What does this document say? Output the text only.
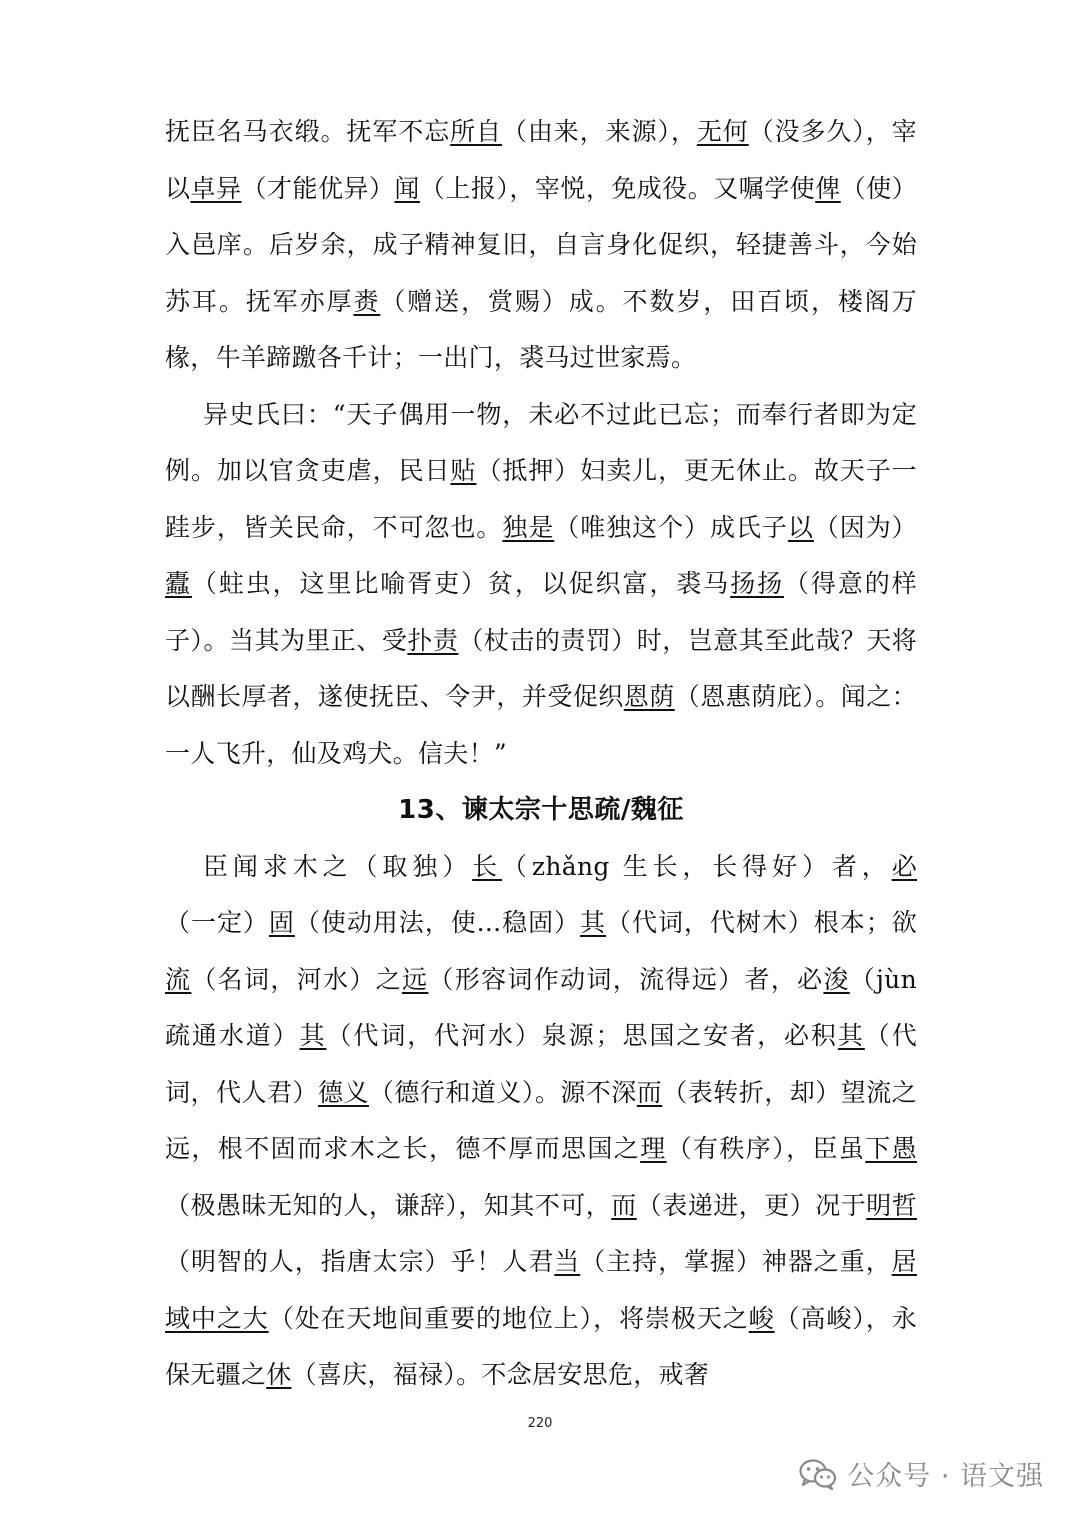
抚臣名马衣缎。抚军不忘所自（由来，来源），无何（没多久），宰以卓异（才能优异）闻（上报），宰悦，免成役。又嘱学使俾（使）入邑庠。后岁余，成子精神复旧，自言身化促织，轻捷善斗，今始苏耳。抚军亦厚赉（赠送，赏赐）成。不数岁，田百顷，楼阁万椽，牛羊蹄躈各千计；一出门，裘马过世家焉。

异史氏曰：“天子偶用一物，未必不过此已忘；而奉行者即为定例。加以官贪吏虐，民日贴（抵押）妇卖儿，更无休止。故天子一跬步，皆关民命，不可忽也。独是（唯独这个）成氏子以（因为）蠹（蛀虫，这里比喻胥吏）贫，以促织富，裘马扬扬（得意的样子）。当其为里正、受扑责（杖击的责罚）时，岂意其至此哉？天将以酬长厚者，遂使抚臣、令尹，并受促织恩荫（恩惠荫庇）。闻之：一人飞升，仙及鸡犬。信夫！”

13、谏太宗十思疏/魏征

臣闻求木之（取独）长（zhǎng 生长，长得好）者，必（一定）固（使动用法，使...稳固）其（代词，代树木）根本；欲流（名词，河水）之远（形容词作动词，流得远）者，必浚（jùn 疏通水道）其（代词，代河水）泉源；思国之安者，必积其（代词，代人君）德义（德行和道义）。源不深而（表转折，却）望流之远，根不固而求木之长，德不厚而思国之理（有秩序），臣虽下愚（极愚昧无知的人，谦辞），知其不可，而（表递进，更）况于明哲（明智的人，指唐太宗）乎！人君当（主持，掌握）神器之重，居域中之大（处在天地间重要的地位上），将崇极天之峻（高峻），永保无疆之休（喜庆，福禄）。不念居安思危，戒奢

220
公众号 · 语文强
